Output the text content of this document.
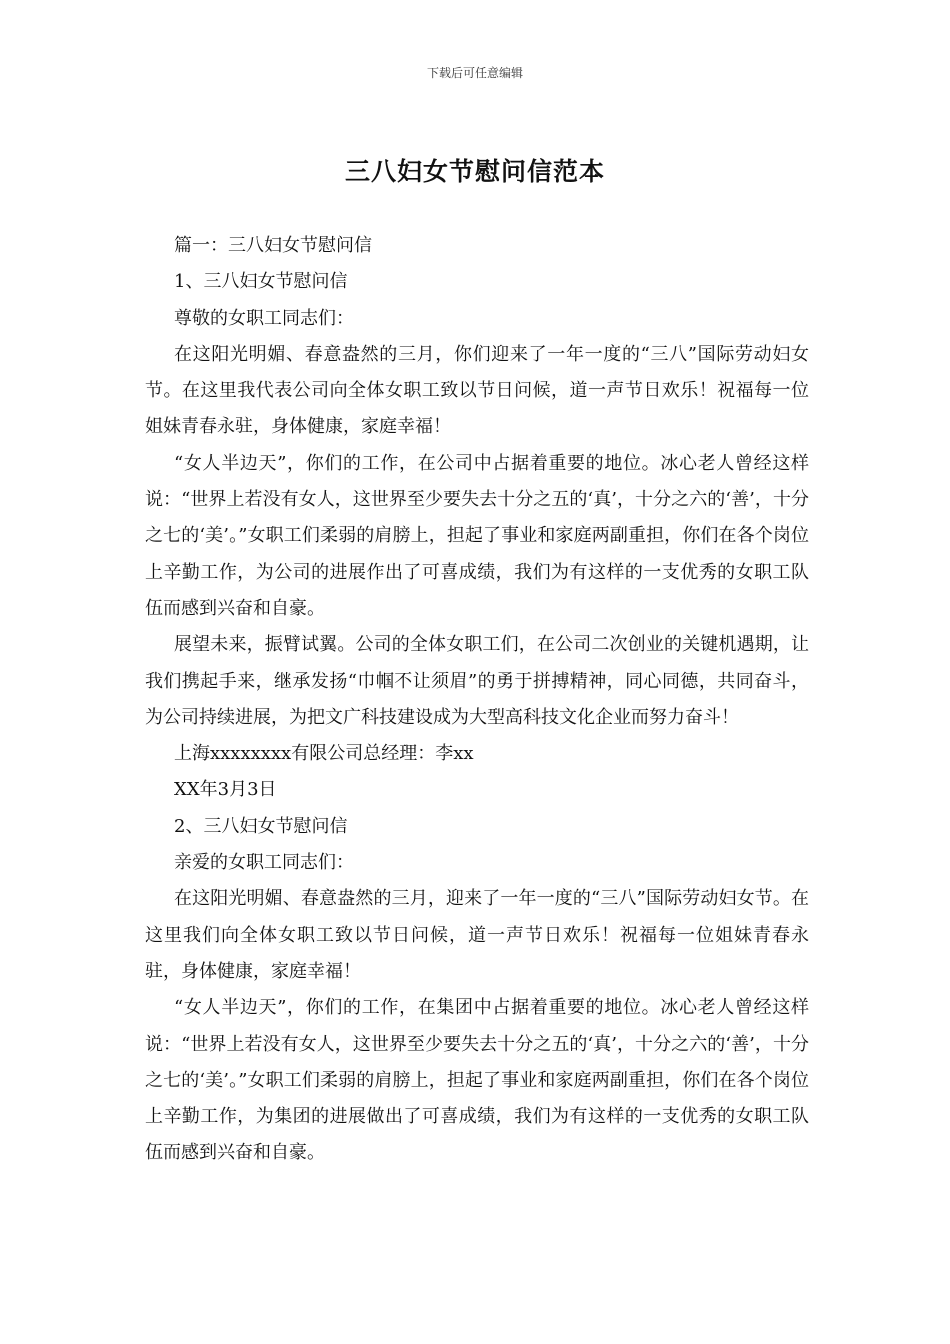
下载后可任意编辑
三八妇女节慰问信范本

篇一：三八妇女节慰问信

1、三八妇女节慰问信

尊敬的女职工同志们：

在这阳光明媚、春意盎然的三月，你们迎来了一年一度的“三八”国际劳动妇女节。在这里我代表公司向全体女职工致以节日问候，道一声节日欢乐！祝福每一位姐妹青春永驻，身体健康，家庭幸福！

“女人半边天”，你们的工作，在公司中占据着重要的地位。冰心老人曾经这样说：“世界上若没有女人，这世界至少要失去十分之五的‘真’，十分之六的‘善’，十分之七的‘美’。”女职工们柔弱的肩膀上，担起了事业和家庭两副重担，你们在各个岗位上辛勤工作，为公司的进展作出了可喜成绩，我们为有这样的一支优秀的女职工队伍而感到兴奋和自豪。

展望未来，振臂试翼。公司的全体女职工们，在公司二次创业的关键机遇期，让我们携起手来，继承发扬“巾帼不让须眉”的勇于拼搏精神，同心同德，共同奋斗，为公司持续进展，为把文广科技建设成为大型高科技文化企业而努力奋斗！

上海xxxxxxxx有限公司总经理：李xx

XX年3月3日

2、三八妇女节慰问信

亲爱的女职工同志们：

在这阳光明媚、春意盎然的三月，迎来了一年一度的“三八”国际劳动妇女节。在这里我们向全体女职工致以节日问候，道一声节日欢乐！祝福每一位姐妹青春永驻，身体健康，家庭幸福！

“女人半边天”，你们的工作，在集团中占据着重要的地位。冰心老人曾经这样说：“世界上若没有女人，这世界至少要失去十分之五的‘真’，十分之六的‘善’，十分之七的‘美’。”女职工们柔弱的肩膀上，担起了事业和家庭两副重担，你们在各个岗位上辛勤工作，为集团的进展做出了可喜成绩，我们为有这样的一支优秀的女职工队伍而感到兴奋和自豪。
